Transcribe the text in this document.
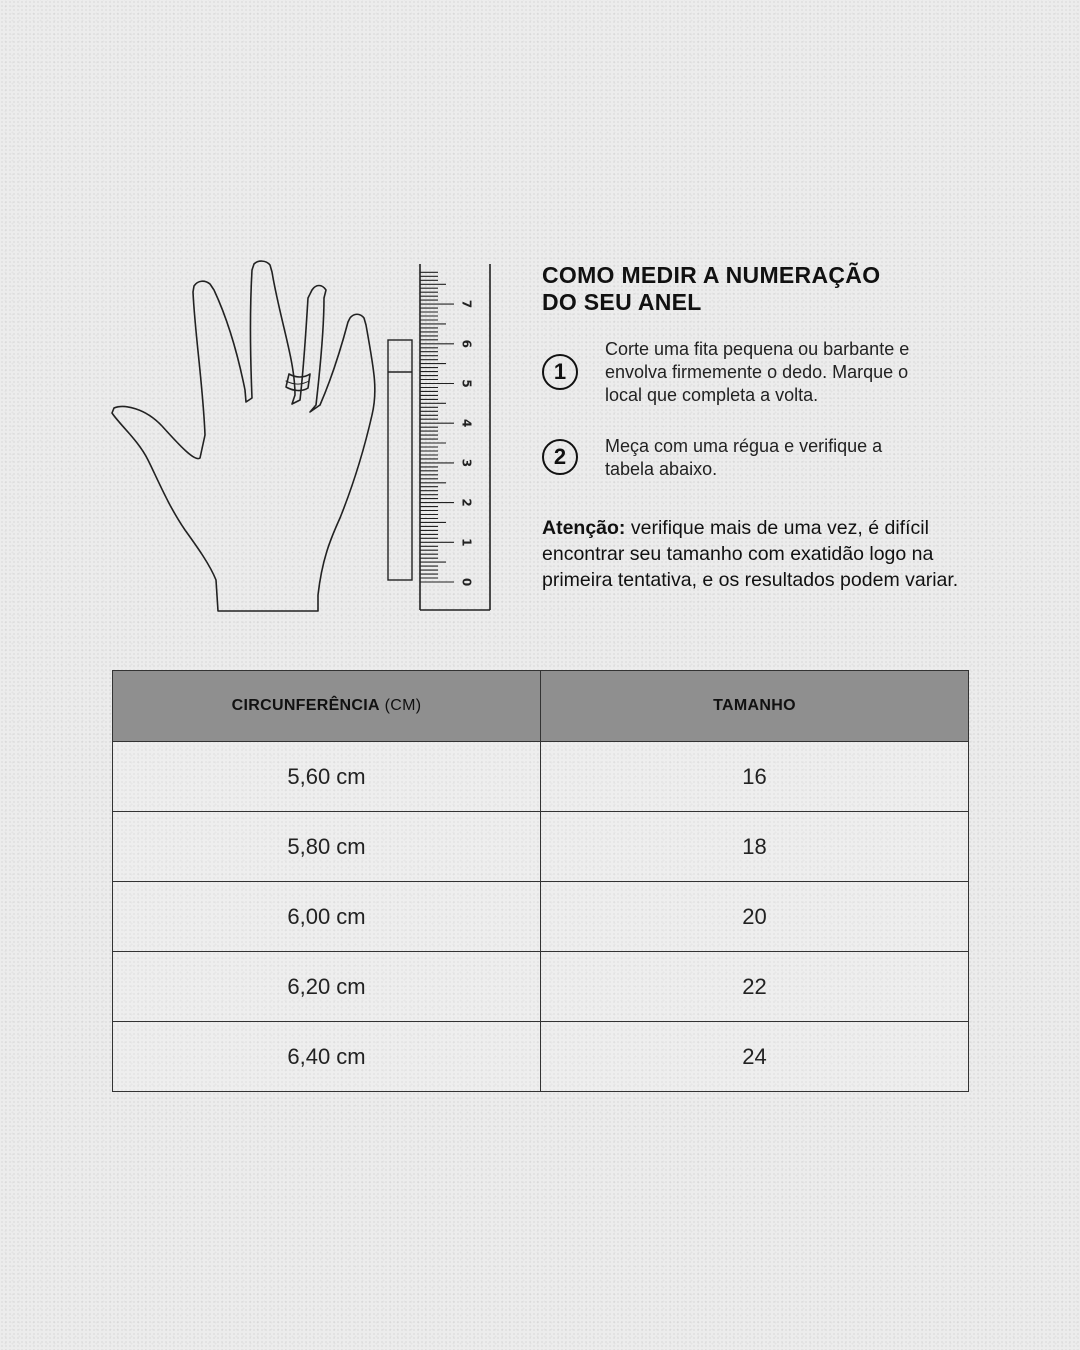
0
1
2
3
4
5
6
7
COMO MEDIR A NUMERAÇÃO
DO SEU ANEL
1
Corte uma fita pequena ou barbante e envolva firmemente o dedo. Marque o local que completa a volta.
2	Meça com uma régua e verifique a tabela abaixo.

Atenção: verifique mais de uma vez, é difícil encontrar seu tamanho com exatidão logo na primeira tentativa, e os resultados podem variar.

CIRCUNFERÊNCIA (CM)	TAMANHO
5,60 cm	16
5,80 cm	18
6,00 cm	20
6,20 cm	22
6,40 cm	24
